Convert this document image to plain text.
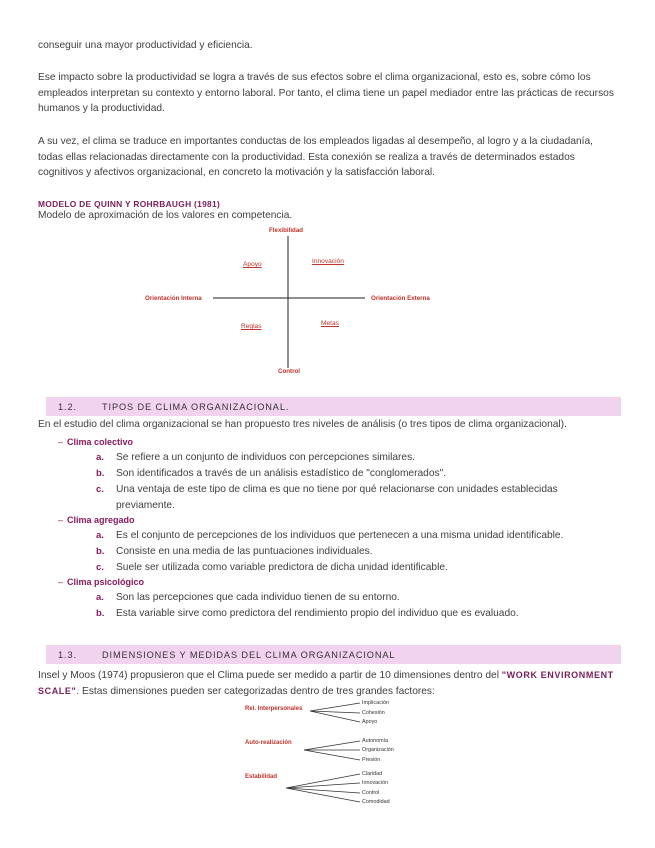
conseguir una mayor productividad y eficiencia.

Ese impacto sobre la productividad se logra a través de sus efectos sobre el clima organizacional, esto es, sobre cómo los empleados interpretan su contexto y entorno laboral. Por tanto, el clima tiene un papel mediador entre las prácticas de recursos humanos y la productividad.

A su vez, el clima se traduce en importantes conductas de los empleados ligadas al desempeño, al logro y a la ciudadanía, todas ellas relacionadas directamente con la productividad. Esta conexión se realiza a través de determinados estados cognitivos y afectivos organizacional, en concreto la motivación y la satisfacción laboral.

MODELO DE QUINN Y ROHRBAUGH (1981)
Modelo de aproximación de los valores en competencia.
Flexibilidad
Control
Orientación Interna	Orientación Externa
Apoyo	Innovación
Reglas	Metas
1.2.	TIPOS DE CLIMA ORGANIZACIONAL.
En el estudio del clima organizacional se han propuesto tres niveles de análisis (o tres tipos de clima organizacional).
– Clima colectivo
a.	Se refiere a un conjunto de individuos con percepciones similares.
b.	Son identificados a través de un análisis estadístico de "conglomerados".
c.	Una ventaja de este tipo de clima es que no tiene por qué relacionarse con unidades establecidas previamente.
– Clima agregado
a.	Es el conjunto de percepciones de los individuos que pertenecen a una misma unidad identificable.
b.	Consiste en una media de las puntuaciones individuales.
c.	Suele ser utilizada como variable predictora de dicha unidad identificable.
– Clima psicológico
a.	Son las percepciones que cada individuo tienen de su entorno.
b.	Esta variable sirve como predictora del rendimiento propio del individuo que es evaluado.
1.3.	DIMENSIONES Y MEDIDAS DEL CLIMA ORGANIZACIONAL

Insel y Moos (1974) propusieron que el Clima puede ser medido a partir de 10 dimensiones dentro del "WORK ENVIRONMENT SCALE". Estas dimensiones pueden ser categorizadas dentro de tres grandes factores:

Rel. Interpersonales
Auto-realización
Estabilidad
Implicación
Cohesión
Apoyo
Autonomía
Organización
Presión
Claridad
Innovación
Control
Comodidad
